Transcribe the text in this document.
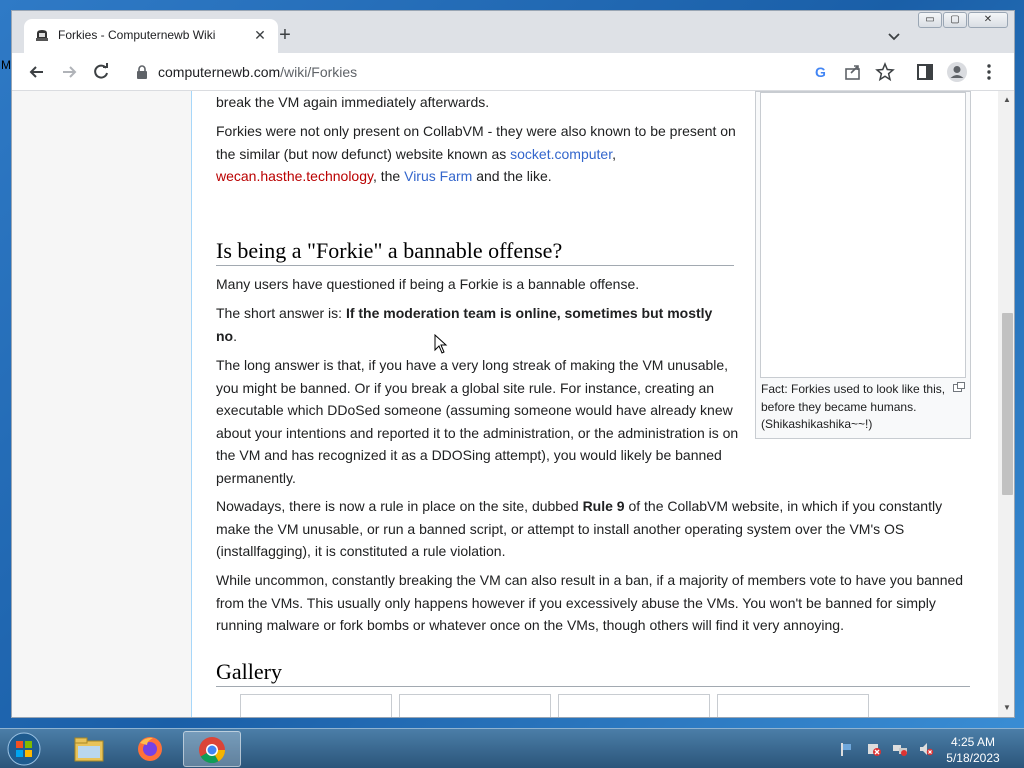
M
Forkies - Computernewb Wiki	✕ +
▭	▢	✕
computernewb.com/wiki/Forkies	G
break the VM again immediately afterwards.
Forkies were not only present on CollabVM - they were also known to be present on the similar (but now defunct) website known as socket.computer, wecan.hasthe.technology, the Virus Farm and the like.
Is being a "Forkie" a bannable offense?
Many users have questioned if being a Forkie is a bannable offense.
The short answer is: If the moderation team is online, sometimes but mostly no.
The long answer is that, if you have a very long streak of making the VM unusable, you might be banned. Or if you break a global site rule. For instance, creating an executable which DDoSed someone (assuming someone would have already knew about your intentions and reported it to the administration, or the administration is on the VM and has recognized it as a DDOSing attempt), you would likely be banned permanently.
Nowadays, there is now a rule in place on the site, dubbed Rule 9 of the CollabVM website, in which if you constantly make the VM unusable, or run a banned script, or attempt to install another operating system over the VM's OS (installfagging), it is constituted a rule violation.
While uncommon, constantly breaking the VM can also result in a ban, if a majority of members vote to have you banned from the VMs. This usually only happens however if you excessively abuse the VMs. You won't be banned for simply running malware or fork bombs or whatever once on the VMs, though others will find it very annoying.
Gallery
Fact: Forkies used to look like this, before they became humans. (Shikashikashika~~!)
▲
▼
4:25 AM
5/18/2023
